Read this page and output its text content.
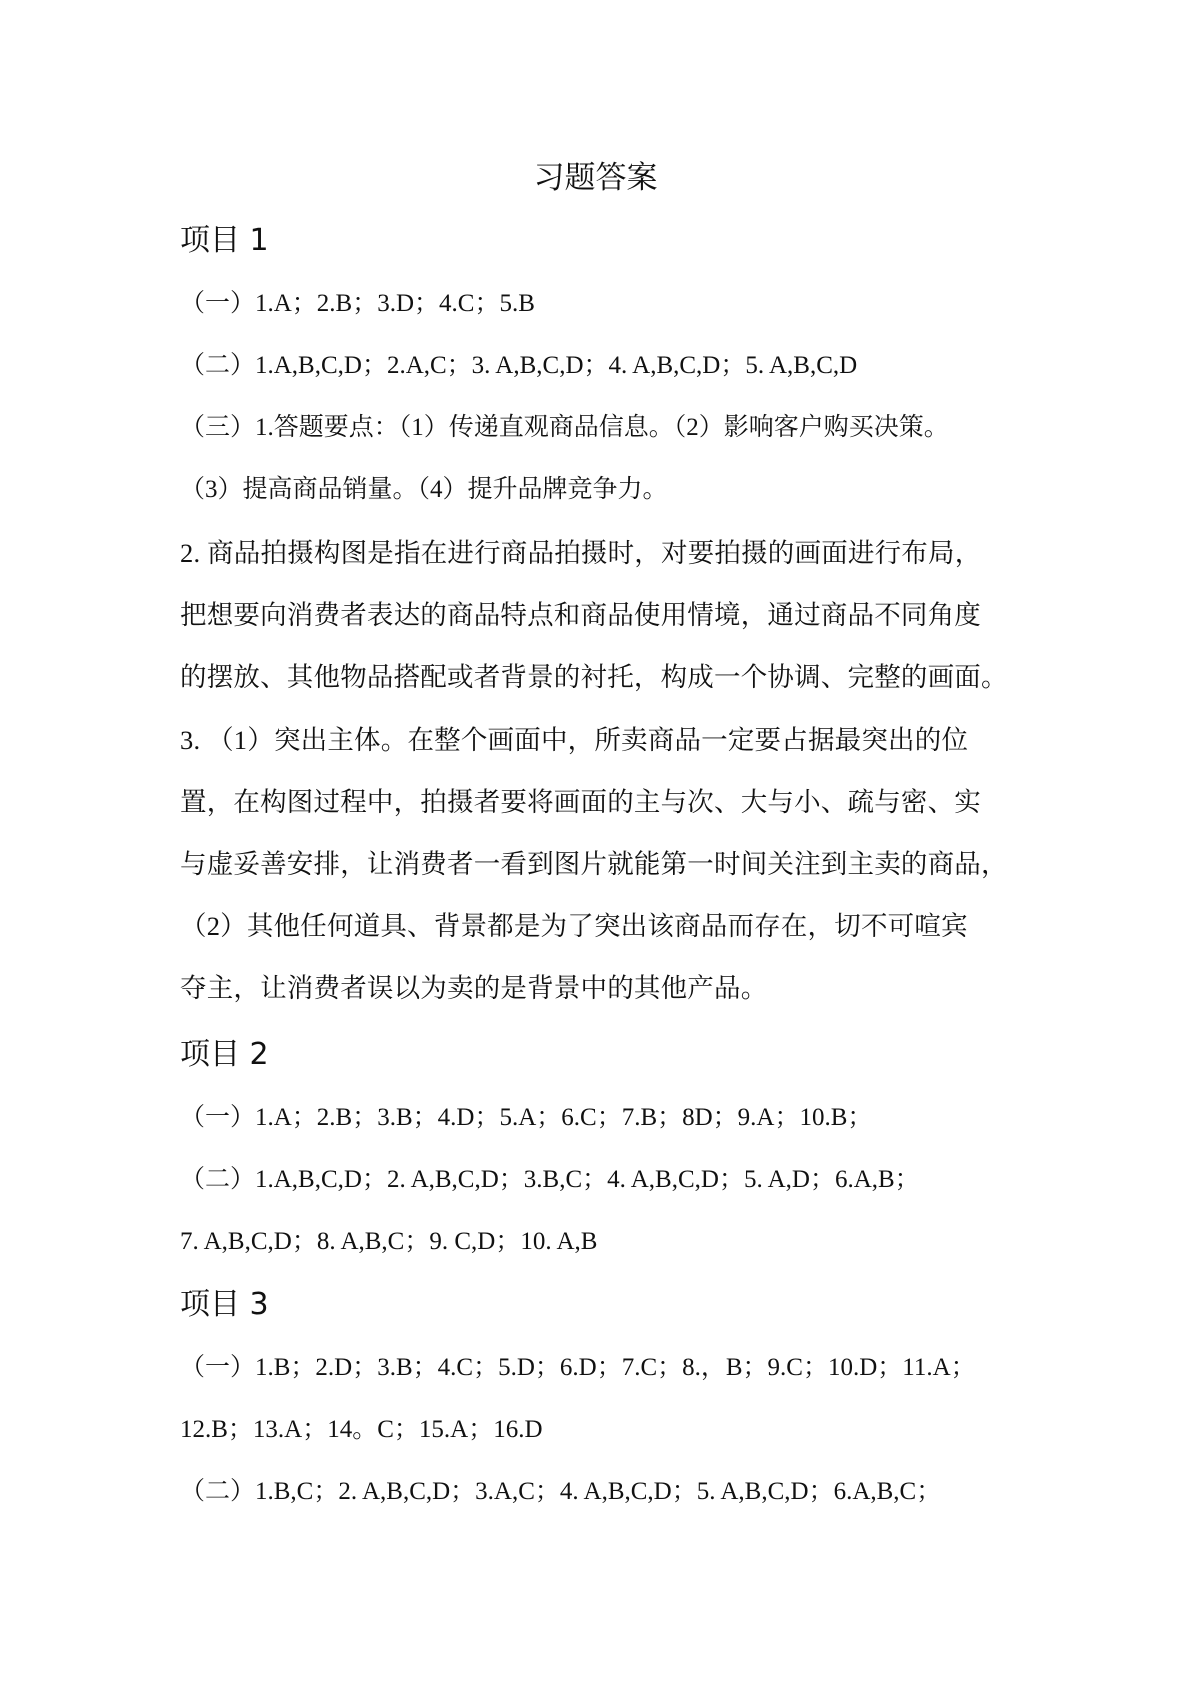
习题答案
项目 1

（一）1.A；2.B；3.D；4.C；5.B

（二）1.A,B,C,D；2.A,C；3. A,B,C,D；4. A,B,C,D；5. A,B,C,D

（三）1.答题要点：（1）传递直观商品信息。（2）影响客户购买决策。

（3）提高商品销量。（4）提升品牌竞争力。

2. 商品拍摄构图是指在进行商品拍摄时，对要拍摄的画面进行布局，

把想要向消费者表达的商品特点和商品使用情境，通过商品不同角度

的摆放、其他物品搭配或者背景的衬托，构成一个协调、完整的画面。

3. （1）突出主体。在整个画面中，所卖商品一定要占据最突出的位

置，在构图过程中，拍摄者要将画面的主与次、大与小、疏与密、实

与虚妥善安排，让消费者一看到图片就能第一时间关注到主卖的商品，

（2）其他任何道具、背景都是为了突出该商品而存在，切不可喧宾

夺主，让消费者误以为卖的是背景中的其他产品。

项目 2

（一）1.A；2.B；3.B；4.D；5.A；6.C；7.B；8D；9.A；10.B；

（二）1.A,B,C,D；2. A,B,C,D；3.B,C；4. A,B,C,D；5. A,D；6.A,B；

7. A,B,C,D；8. A,B,C；9. C,D；10. A,B

项目 3

（一）1.B；2.D；3.B；4.C；5.D；6.D；7.C；8.，B；9.C；10.D；11.A；

12.B；13.A；14。C；15.A；16.D

（二）1.B,C；2. A,B,C,D；3.A,C；4. A,B,C,D；5. A,B,C,D；6.A,B,C；
